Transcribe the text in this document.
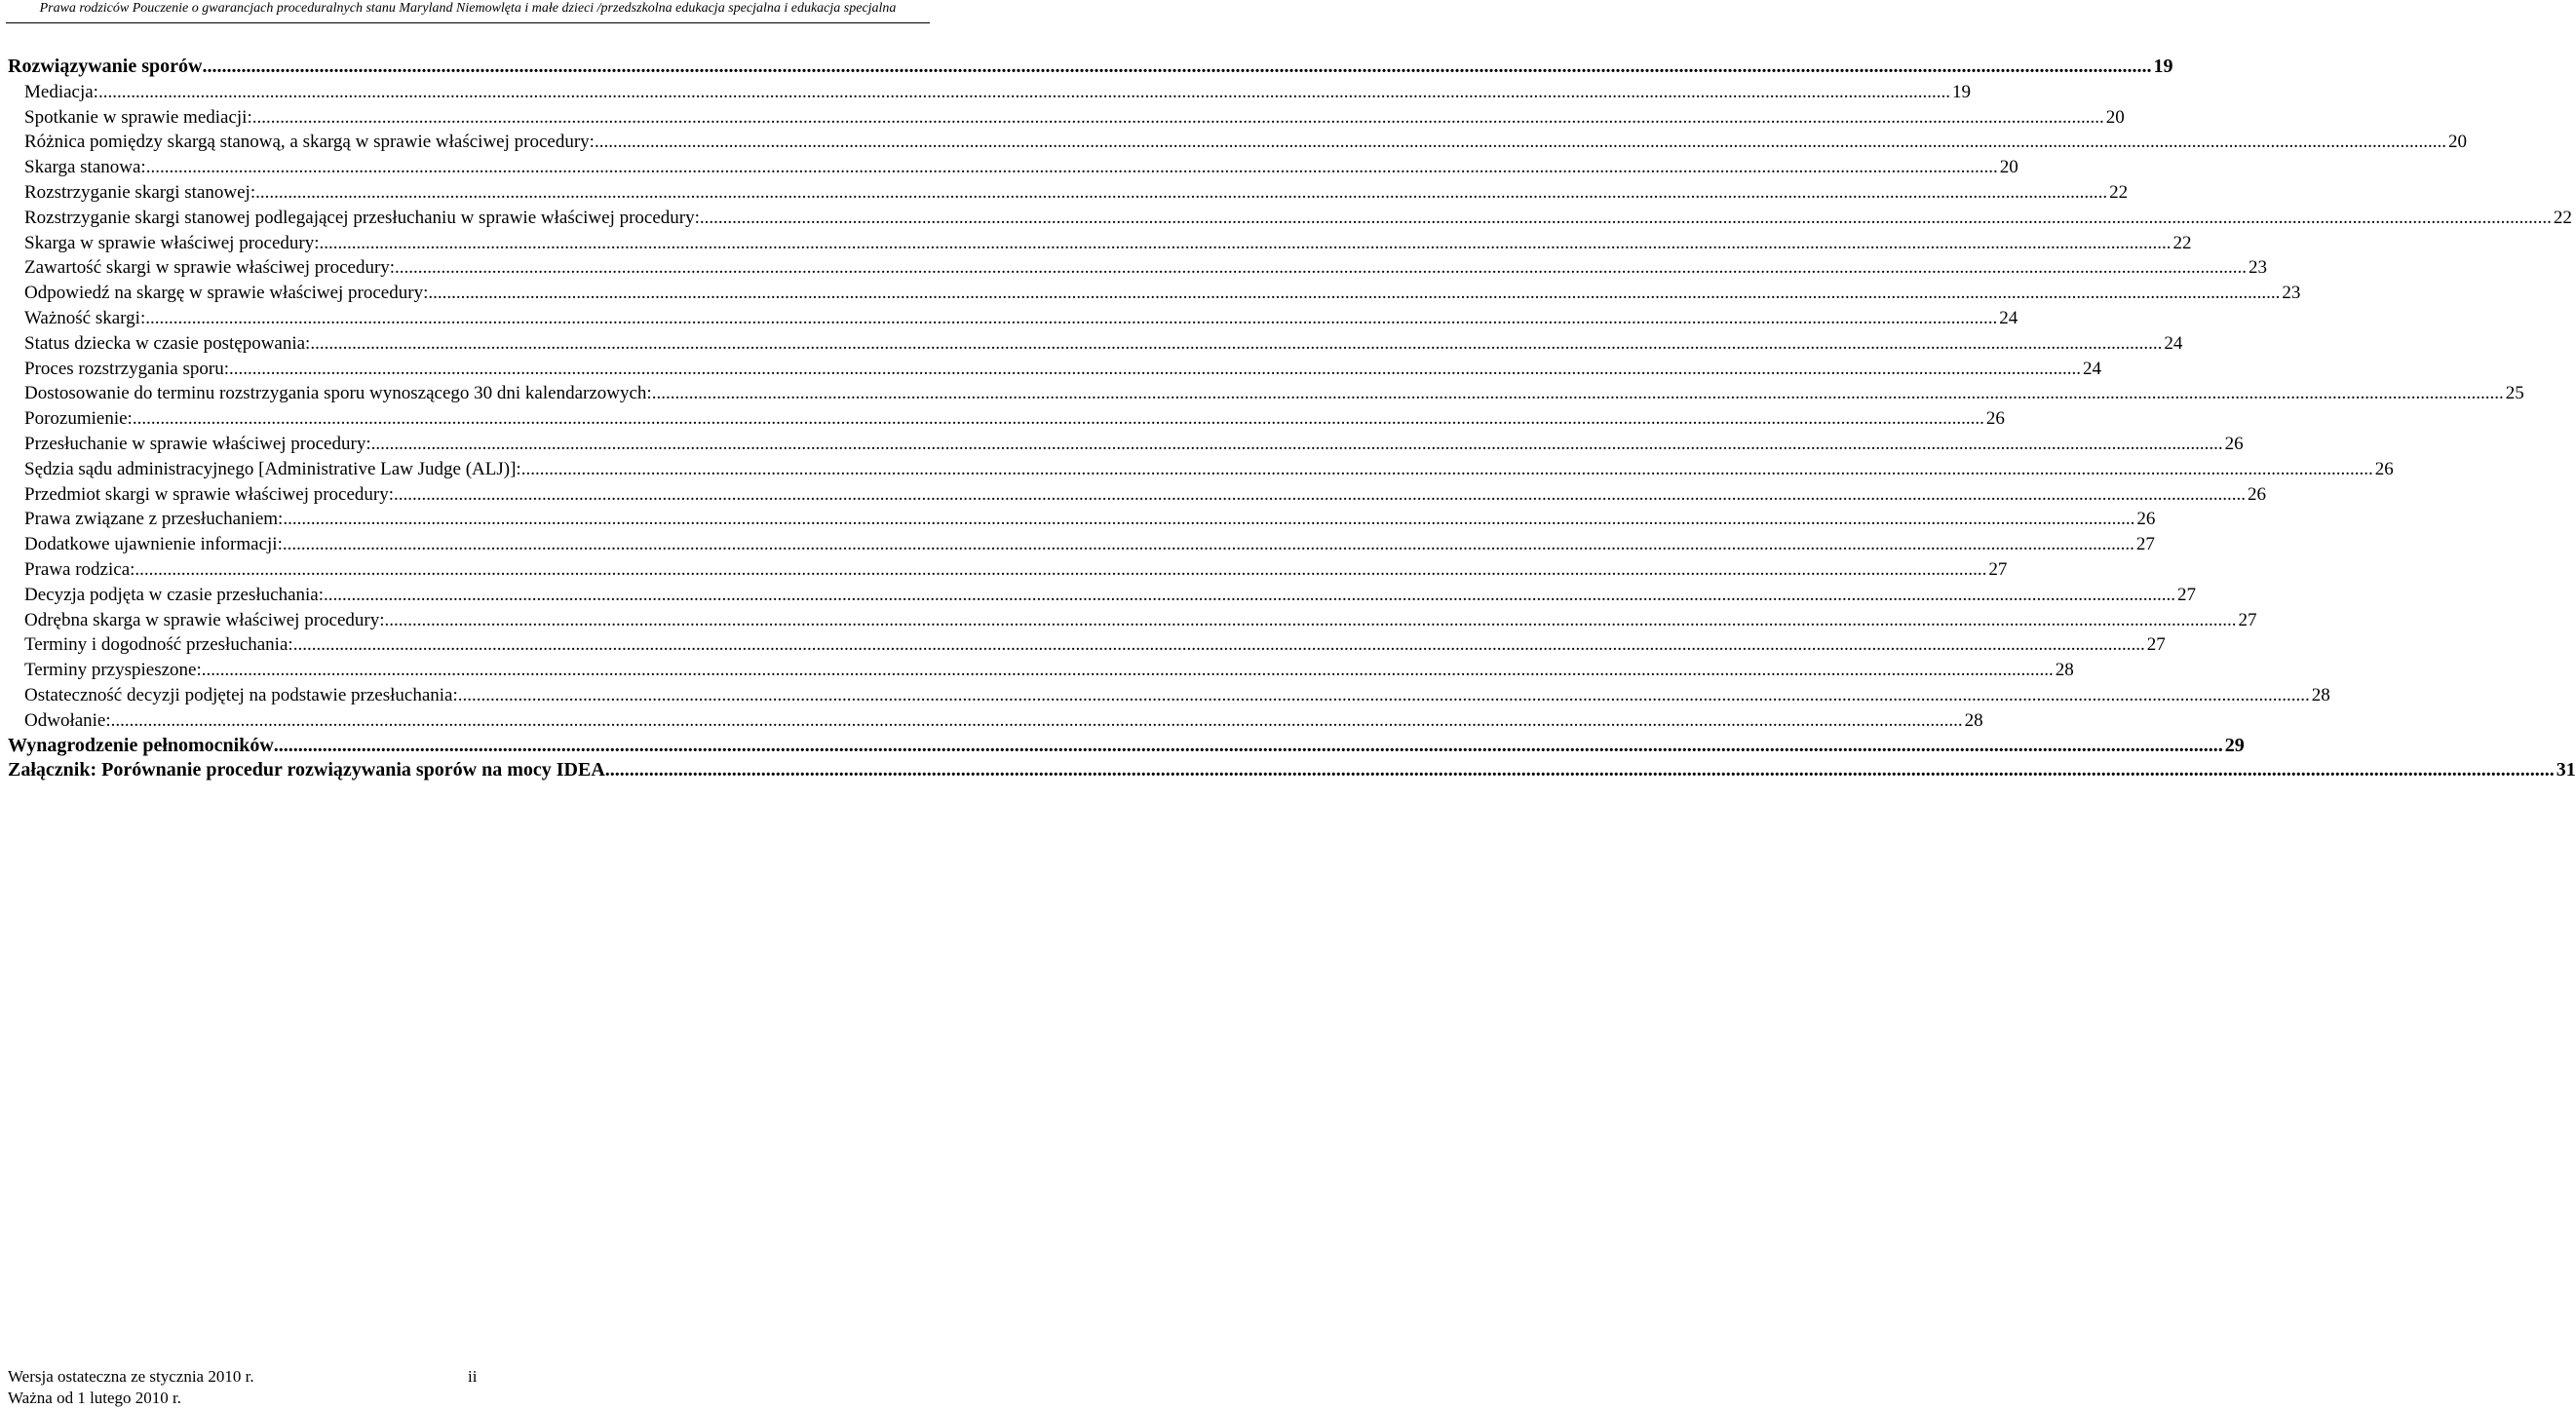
Prawa rodziców Pouczenie o gwarancjach proceduralnych stanu Maryland Niemowlęta i małe dzieci /przedszkolna edukacja specjalna i edukacja specjalna
Rozwiązywanie sporów ................................................................................................................................................................................................................................................................................................................................................................................................................ 19
Mediacja: ................................................................................................................................................................................................................................................................................................................................................................................................................ 19
Spotkanie w sprawie mediacji: ................................................................................................................................................................................................................................................................................................................................................................................................................ 20
Różnica pomiędzy skargą stanową, a skargą w sprawie właściwej procedury: ................................................................................................................................................................................................................................................................................................................................................................................................................ 20
Skarga stanowa: ................................................................................................................................................................................................................................................................................................................................................................................................................ 20
Rozstrzyganie skargi stanowej: ................................................................................................................................................................................................................................................................................................................................................................................................................ 22
Rozstrzyganie skargi stanowej podlegającej przesłuchaniu w sprawie właściwej procedury: ................................................................................................................................................................................................................................................................................................................................................................................................................ 22
Skarga w sprawie właściwej procedury: ................................................................................................................................................................................................................................................................................................................................................................................................................ 22
Zawartość skargi w sprawie właściwej procedury: ................................................................................................................................................................................................................................................................................................................................................................................................................ 23
Odpowiedź na skargę w sprawie właściwej procedury: ................................................................................................................................................................................................................................................................................................................................................................................................................ 23
Ważność skargi: ................................................................................................................................................................................................................................................................................................................................................................................................................ 24
Status dziecka w czasie postępowania: ................................................................................................................................................................................................................................................................................................................................................................................................................ 24
Proces rozstrzygania sporu: ................................................................................................................................................................................................................................................................................................................................................................................................................ 24
Dostosowanie do terminu rozstrzygania sporu wynoszącego 30 dni kalendarzowych: ................................................................................................................................................................................................................................................................................................................................................................................................................ 25
Porozumienie: ................................................................................................................................................................................................................................................................................................................................................................................................................ 26
Przesłuchanie w sprawie właściwej procedury: ................................................................................................................................................................................................................................................................................................................................................................................................................ 26
Sędzia sądu administracyjnego [Administrative Law Judge (ALJ)]: ................................................................................................................................................................................................................................................................................................................................................................................................................ 26
Przedmiot skargi w sprawie właściwej procedury: ................................................................................................................................................................................................................................................................................................................................................................................................................ 26
Prawa związane z przesłuchaniem: ................................................................................................................................................................................................................................................................................................................................................................................................................ 26
Dodatkowe ujawnienie informacji: ................................................................................................................................................................................................................................................................................................................................................................................................................ 27
Prawa rodzica: ................................................................................................................................................................................................................................................................................................................................................................................................................ 27
Decyzja podjęta w czasie przesłuchania: ................................................................................................................................................................................................................................................................................................................................................................................................................ 27
Odrębna skarga w sprawie właściwej procedury: ................................................................................................................................................................................................................................................................................................................................................................................................................ 27
Terminy i dogodność przesłuchania: ................................................................................................................................................................................................................................................................................................................................................................................................................ 27
Terminy przyspieszone: ................................................................................................................................................................................................................................................................................................................................................................................................................ 28
Ostateczność decyzji podjętej na podstawie przesłuchania: ................................................................................................................................................................................................................................................................................................................................................................................................................ 28
Odwołanie: ................................................................................................................................................................................................................................................................................................................................................................................................................ 28
Wynagrodzenie pełnomocników ................................................................................................................................................................................................................................................................................................................................................................................................................ 29
Załącznik: Porównanie procedur rozwiązywania sporów na mocy IDEA ................................................................................................................................................................................................................................................................................................................................................................................................................ 31
Wersja ostateczna ze stycznia 2010 r.
Ważna od 1 lutego 2010 r.
ii
